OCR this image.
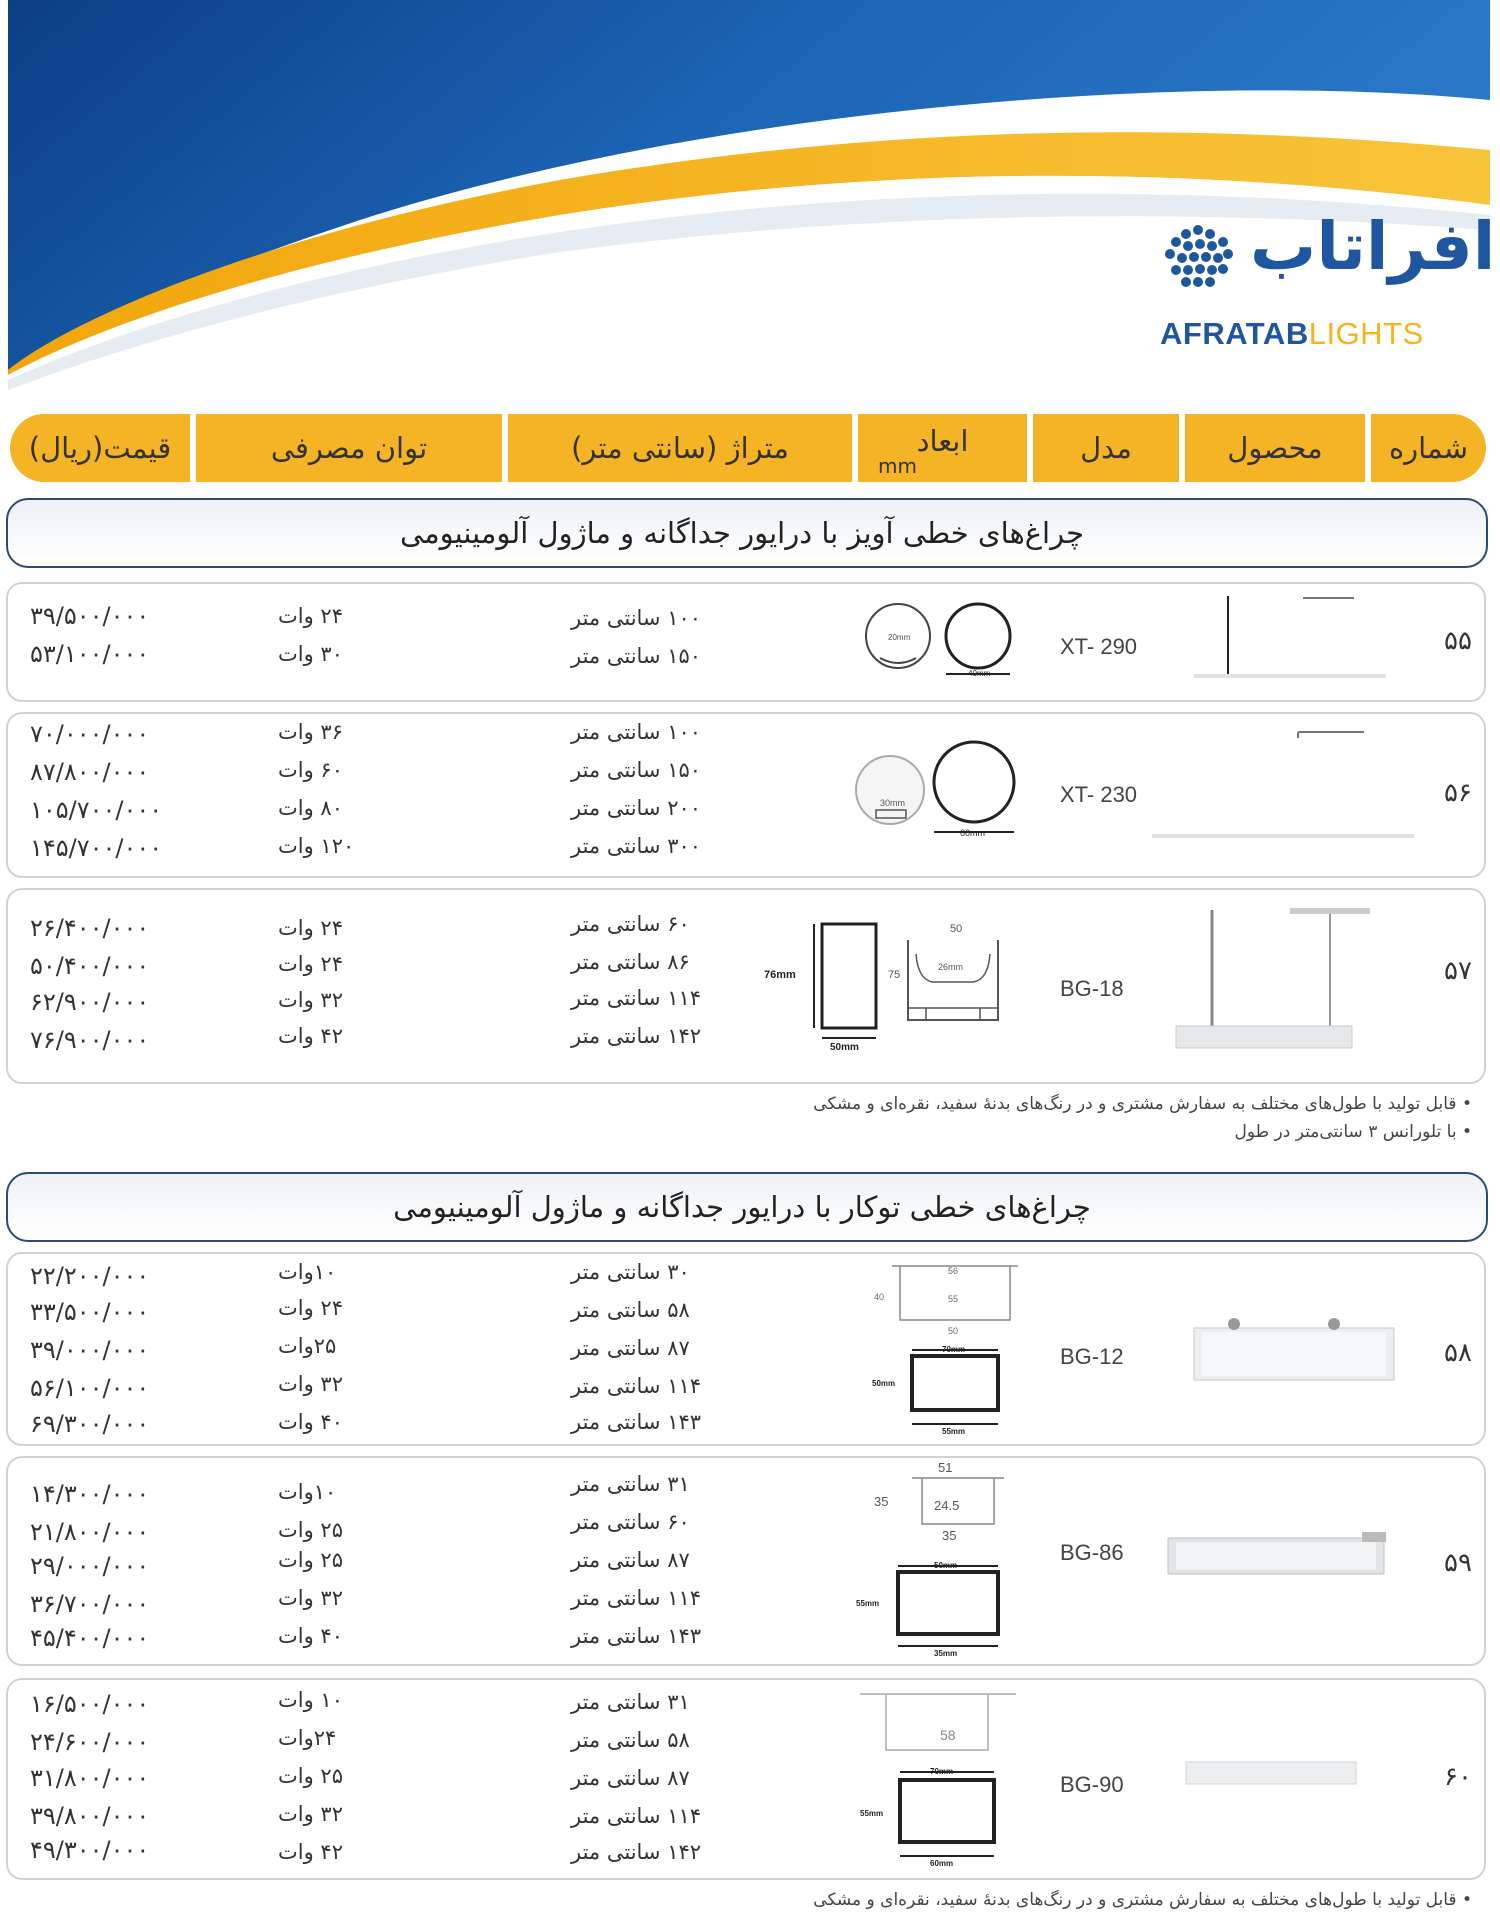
افراتاب
AFRATABLIGHTS
شماره
محصول
مدل
ابعاد
mm
متراژ (سانتی متر)
توان مصرفی
قیمت(ریال)
چراغ‌های خطی آویز با درایور جداگانه و ماژول آلومینیومی
۵۵
XT- 290
20mm
40mm
۱۰۰ سانتی متر
۱۵۰ سانتی متر
۲۴ وات
۳۰ وات
۳۹/۵۰۰/۰۰۰
۵۳/۱۰۰/۰۰۰
۵۶
XT- 230
30mm
60mm
۱۰۰ سانتی متر
۱۵۰ سانتی متر
۲۰۰ سانتی متر
۳۰۰ سانتی متر
۳۶ وات
۶۰ وات
۸۰ وات
۱۲۰ وات
۷۰/۰۰۰/۰۰۰
۸۷/۸۰۰/۰۰۰
۱۰۵/۷۰۰/۰۰۰
۱۴۵/۷۰۰/۰۰۰
۵۷
BG-18
76mm
50mm
75
50
26mm
۶۰ سانتی متر
۸۶ سانتی متر
۱۱۴ سانتی متر
۱۴۲ سانتی متر
۲۴ وات
۲۴ وات
۳۲ وات
۴۲ وات
۲۶/۴۰۰/۰۰۰
۵۰/۴۰۰/۰۰۰
۶۲/۹۰۰/۰۰۰
۷۶/۹۰۰/۰۰۰
• قابل تولید با طول‌های مختلف به سفارش مشتری و در رنگ‌های بدنهٔ سفید، نقره‌ای و مشکی
• با تلورانس ۳ سانتی‌متر در طول
چراغ‌های خطی توکار با درایور جداگانه و ماژول آلومینیومی
۵۸
BG-12
56
55
40
50
70mm
50mm
55mm
۳۰ سانتی متر
۵۸ سانتی متر
۸۷ سانتی متر
۱۱۴ سانتی متر
۱۴۳ سانتی متر
۱۰وات
۲۴ وات
۲۵وات
۳۲ وات
۴۰ وات
۲۲/۲۰۰/۰۰۰
۳۳/۵۰۰/۰۰۰
۳۹/۰۰۰/۰۰۰
۵۶/۱۰۰/۰۰۰
۶۹/۳۰۰/۰۰۰
۵۹
BG-86
51
35	24.5
35
50mm
55mm
35mm
۳۱ سانتی متر
۶۰ سانتی متر
۸۷ سانتی متر
۱۱۴ سانتی متر
۱۴۳ سانتی متر
۱۰وات
۲۵ وات
۲۵ وات
۳۲ وات
۴۰ وات
۱۴/۳۰۰/۰۰۰
۲۱/۸۰۰/۰۰۰
۲۹/۰۰۰/۰۰۰
۳۶/۷۰۰/۰۰۰
۴۵/۴۰۰/۰۰۰
۶۰
BG-90
58
70mm
55mm
60mm
۳۱ سانتی متر
۵۸ سانتی متر
۸۷ سانتی متر
۱۱۴ سانتی متر
۱۴۲ سانتی متر
۱۰ وات
۲۴وات
۲۵ وات
۳۲ وات
۴۲ وات
۱۶/۵۰۰/۰۰۰
۲۴/۶۰۰/۰۰۰
۳۱/۸۰۰/۰۰۰
۳۹/۸۰۰/۰۰۰
۴۹/۳۰۰/۰۰۰
• قابل تولید با طول‌های مختلف به سفارش مشتری و در رنگ‌های بدنهٔ سفید، نقره‌ای و مشکی
